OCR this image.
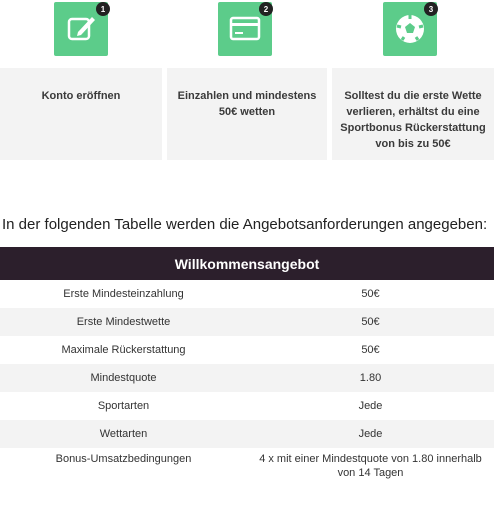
Konto eröffnen
1
Einzahlen und mindestens
50€ wetten
2
Solltest du die erste Wette
verlieren, erhältst du eine
Sportbonus Rückerstattung
von bis zu 50€
3
In der folgenden Tabelle werden die Angebotsanforderungen angegeben:
Willkommensangebot	
Erste Mindesteinzahlung	50€
Erste Mindestwette	50€
Maximale Rückerstattung	50€
Mindestquote	1.80
Sportarten	Jede
Wettarten	Jede
Bonus-Umsatzbedingungen	4 x mit einer Mindestquote von 1.80 innerhalb
von 14 Tagen
